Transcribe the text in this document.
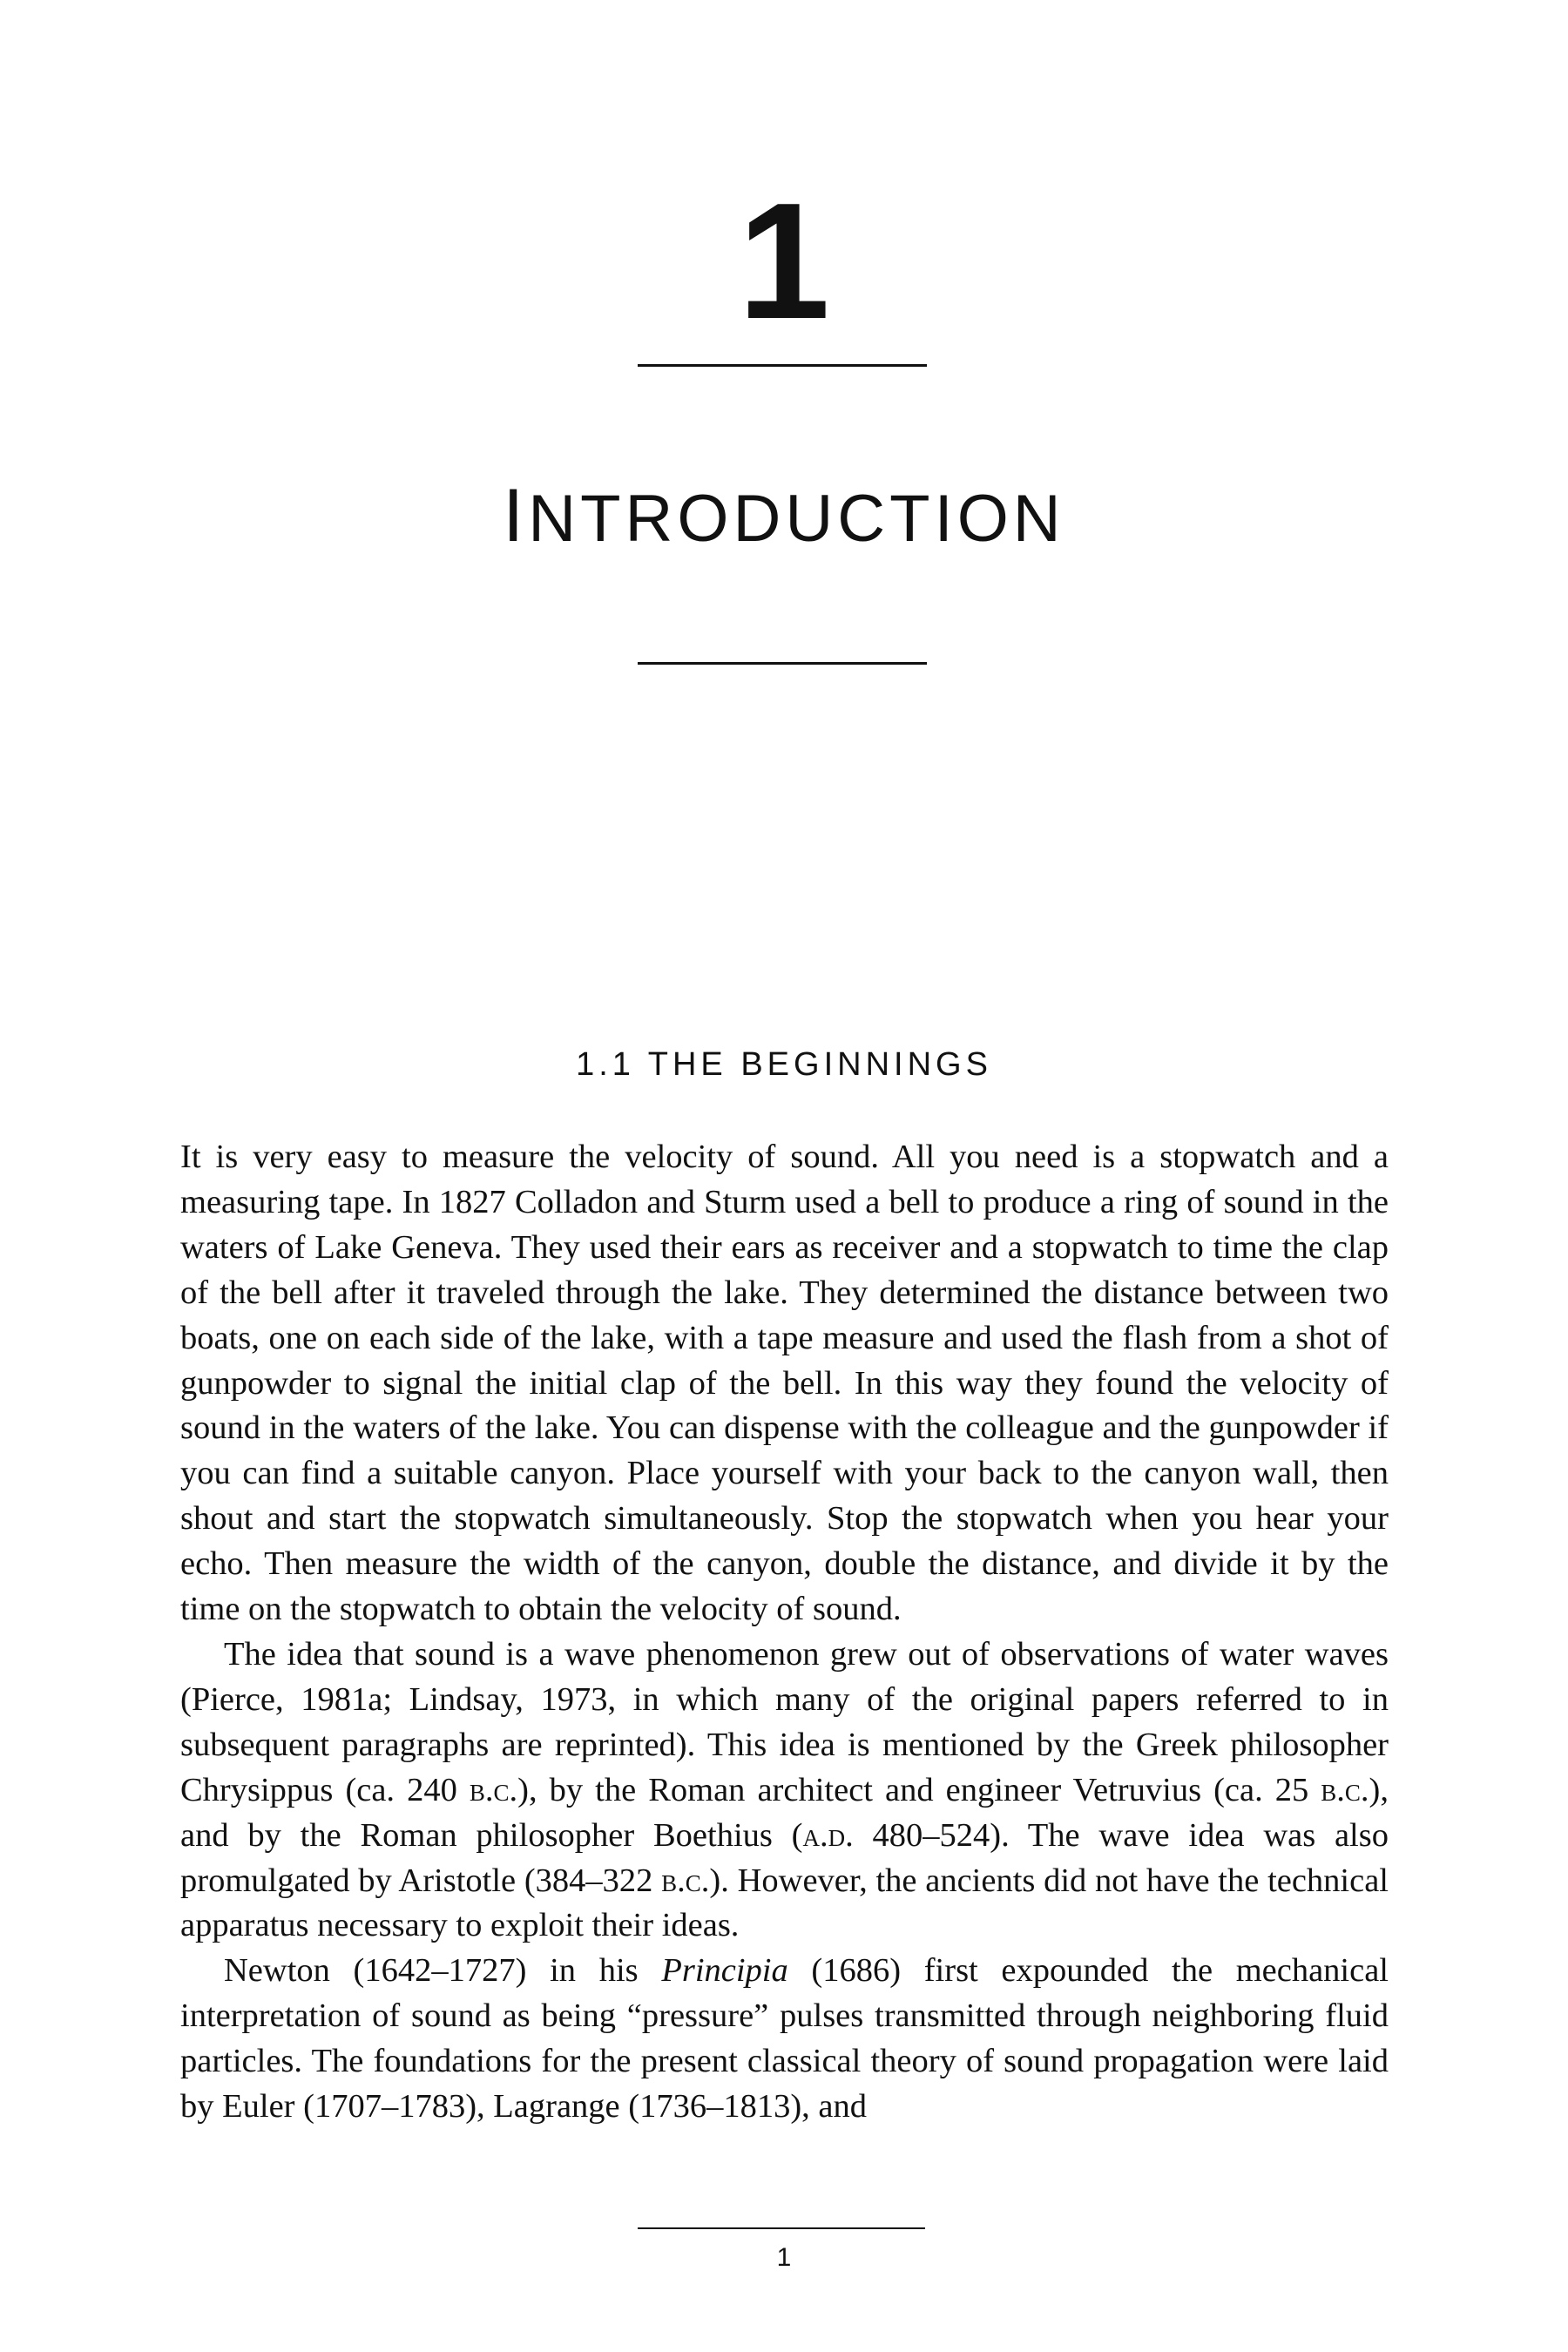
1
INTRODUCTION
1.1 THE BEGINNINGS

It is very easy to measure the velocity of sound. All you need is a stopwatch and a measuring tape. In 1827 Colladon and Sturm used a bell to produce a ring of sound in the waters of Lake Geneva. They used their ears as receiver and a stopwatch to time the clap of the bell after it traveled through the lake. They determined the distance between two boats, one on each side of the lake, with a tape measure and used the flash from a shot of gunpowder to signal the initial clap of the bell. In this way they found the velocity of sound in the waters of the lake. You can dispense with the colleague and the gunpowder if you can find a suitable canyon. Place yourself with your back to the canyon wall, then shout and start the stopwatch simultaneously. Stop the stopwatch when you hear your echo. Then measure the width of the canyon, double the distance, and divide it by the time on the stopwatch to obtain the velocity of sound.

The idea that sound is a wave phenomenon grew out of observations of water waves (Pierce, 1981a; Lindsay, 1973, in which many of the original papers referred to in subsequent paragraphs are reprinted). This idea is mentioned by the Greek philosopher Chrysippus (ca. 240 b.c.), by the Roman architect and engineer Vetruvius (ca. 25 b.c.), and by the Roman philosopher Boethius (a.d. 480–524). The wave idea was also promulgated by Aristotle (384–322 b.c.). However, the ancients did not have the technical apparatus necessary to exploit their ideas.

Newton (1642–1727) in his Principia (1686) first expounded the mechanical interpretation of sound as being “pressure” pulses transmitted through neighboring fluid particles. The foundations for the present classical theory of sound propagation were laid by Euler (1707–1783), Lagrange (1736–1813), and

1
